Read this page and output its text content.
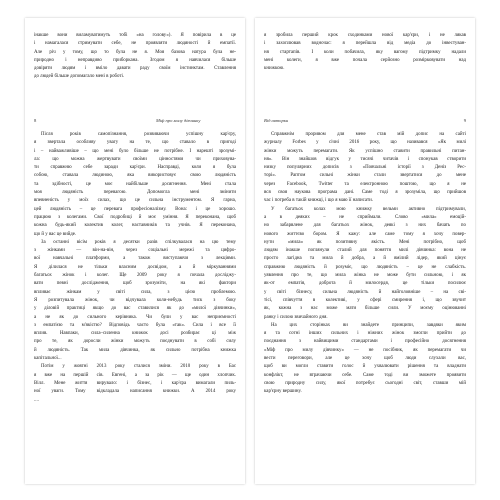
інакше вони виламуватимуть тобі «на голову»). Я повірила в це
і намагалася стримувати себе, не проявляти людяності й емпатії.
Але річ у тому, що то була не я. Моя базова натура була не-
природно і неправдиво приборкана. Згодом я навчилася більше
довіряти людям і вміло давати раду своїм інстинктам. Ставлення
до людей більше допомагало мені в роботі.
8	Міф про милу дівчинку
Після років самопізнання, розвиваючи успішну кар'єру,
я звертала особливу увагу на те, що ставало в пригоді
і – найважливіше – що мені було більше не потрібне. І нарешті зрозумі-
ла: що можна жертвувати своїми цінностями чи приховува-
ти справжню себе заради кар'єри. Насправді, коли я була
собою, ставала людиною, яка використовує свою людяність
та здібності, це моє найбільше досягнення. Мені стала
моя людяність перевагою. Допомогла мені змінити
впевненість у моїх силах, що це сильна інструментом. Я гарна,
цей людяність – це перевага професіоналізму. Вона: і це хорошо.
працюю з колегами. Свої подробиці й моє уміння. Я переконана, щоб
кожна будь-який колектив колег, наставників та учнів. Я переконана,
що й у вас це вийде.
За останні вісім років я десятки разів спілкувалася на цю тему
з жінками — він-на-він, через соціальні мережі та цифро-
вої навчальні платформи, а також виступаючи з лекціями.
Я ділилася не тільки власним досвідом, а й міркуваннями
багатьох жінок і колег. Ще 2009 року я почала досліджу-
вати певні дослідження, щоб зрозуміти, на які фактори
впливає жінкам у світі сила, з цією проблемою.
Я розпитувала жінок, чи відчувала коли-небудь тиск з боку
у діловій практиці якщо до вас ставилися як до «милої дівчинки»,
а не як до сильного керівника. Чи були у вас неприємності
з емпатією та м'якістю? Відповідь часто була «так». Сила і все її
вплив. Навпаки, сила–силенна книжок досі розбирає ці між
про те, як доросли жінки можуть поєднувати в собі силу
й людяність. Так мила дівчинка, як сильно потрібна книжка
капітальної...
Потім у жовтні 2013 року сталися зміни. 2010 року в Бас
я вже на першій сів. Евгені, а за рік — ще один хлопчик.
Вілл. Мене життя вирувало: і бізнес, і кар'єра вимагали пиль-
ної уваги. Тому відкладала написання книжки. А 2014 року
....
я зробила перший крок сходинками нової кар'єри, і не лякав
і захоплював водночас: я перейшла від медіа до інвестуван-
ня стартапів. І коли побачила, яку вагому підтримку надали
мені колеги, я вже почала серйозно розмірковувати над
книжкою.
Від авторки	9
Справжнім проривом для мене став мій допис на сайті
журналу Forbes у січні 2016 року, що називався «Як милі
жінки можуть перемагати. Як успішно ставити правильні питан-
ня». Він знайшов відгук у тисячі читачів і спонукав створити
низку популярних дописів з «Повчальні історії з Деніз Рес-
торі». Раптом сильні жінки стали звертатися до мене
через Facebook, Twitter та електронною поштою, що я не
вся своя наукова програма дані. Саме тоді я зрозуміла, що прийшов
час і потреба в такій книжці, і що я маю її написати.
У багатьох колах мою книжку вельми активно підтримували,
а в деяких – не сприймали. Слово «мила» емоцій-
но забарвлене для багатьох жінок, деякі з них бачать по
нового життєво бором. Я кажу: але саме тому я хочу повер-
нути «мила» як позитивну якість. Мені потрібно, щоб
людям інакше поглянули сталий для поняття милі дівчинка: вона не
просто лагідна та мила й добра, а й вмілий лідер, який цінує
справжню людяність й розуміє, що людяність – це не слабкість.
уявлення про те, що мила жінка не може бути сильною, і як
як-от емпатія, доброта й милосердя, це тільки посилює
у світі бізнесу, сильна людяність й найголовніше – на сві-
тісі, співчуття в колективі, у сфері смирення і, що звучит
як, кожна з нас може мати більше сили. У моєму оцінюванні
ранку і силою звичайного дня.
На цих сторінках ви знайдете принципи, завдяки яким
я та сотні інших сильних і ніжних жінок змогли прийти до
поєднання з найвищими стандартами і професійно досягнення
«Міф про милу дівчинку» — не посібник, як перемагати чи
вести переговори, але це хочу щоб люди слухали вас,
щоб ви могли ставити голос й ухвалювати рішення та владнати
конфлікт, не втрачаючи себе. Саме тоді ви зможете проявити
свою природну силу, якої потребує сьогодні світ, ставши мій
кар'єрну вершину.
